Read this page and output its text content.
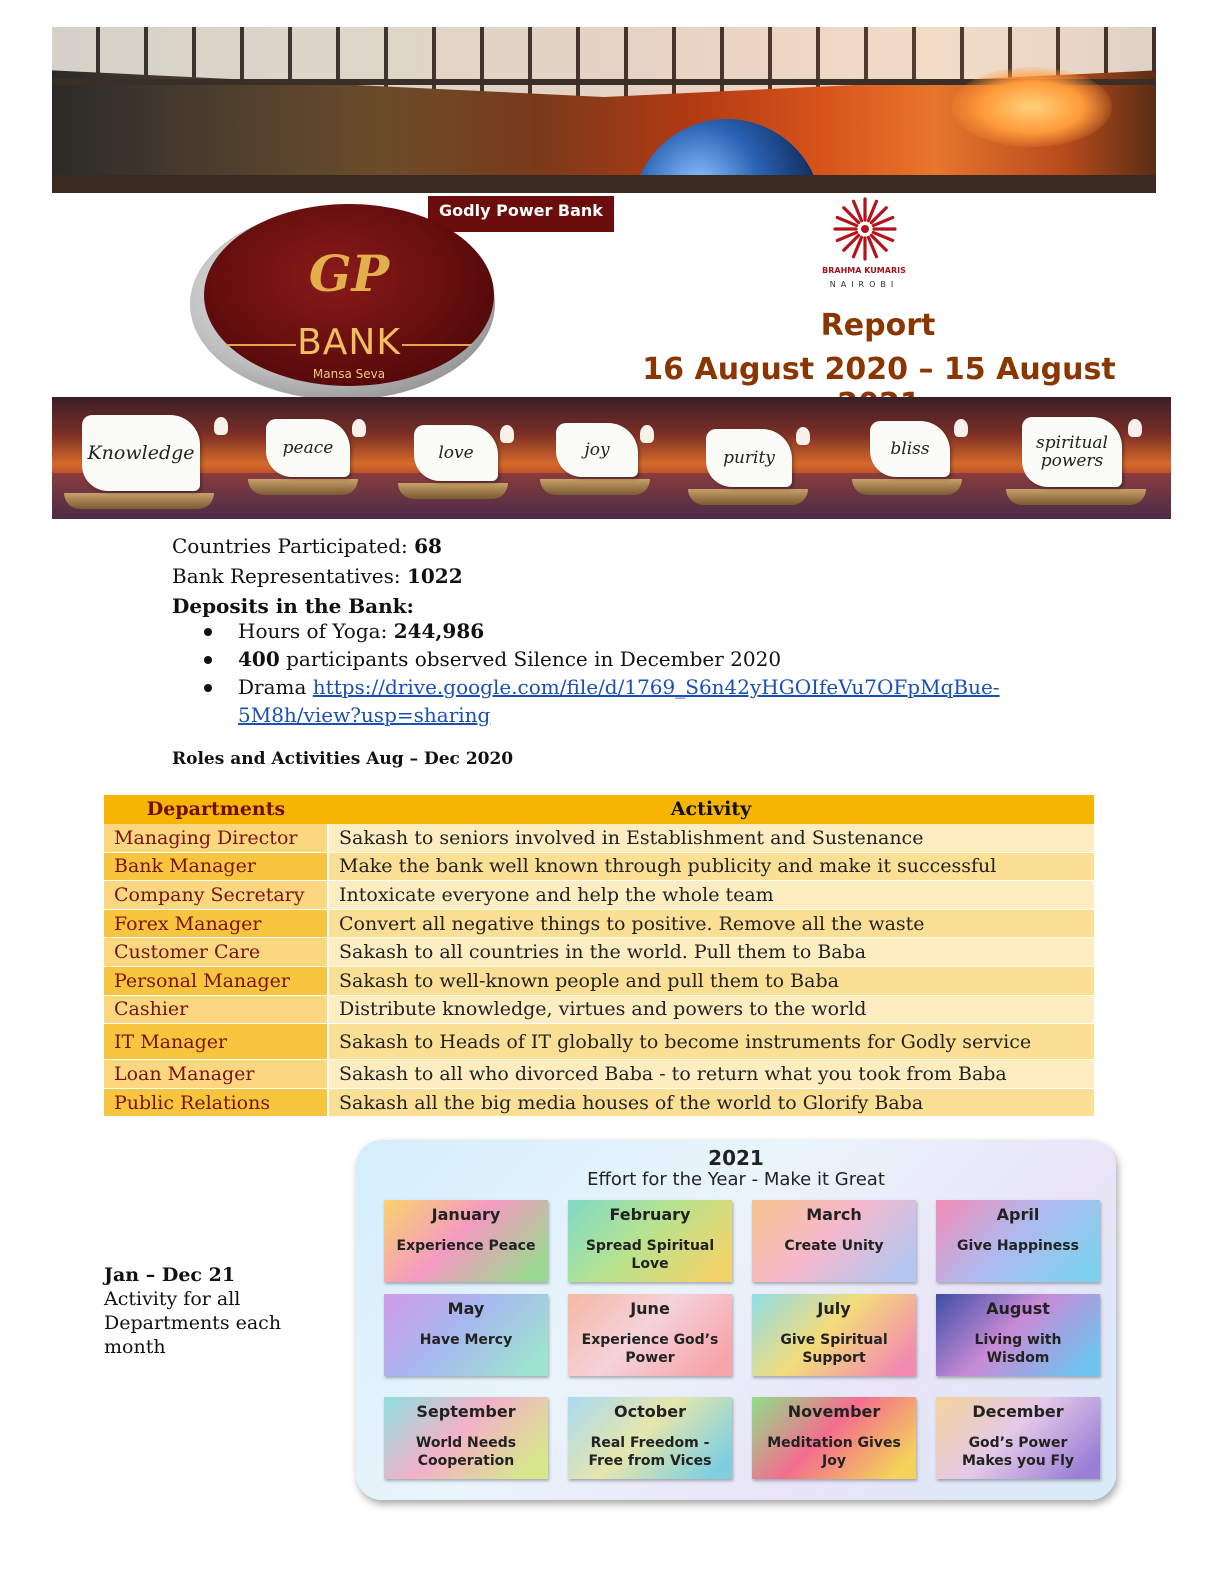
Godly Power Bank
GP
BANK
Mansa Seva
BRAHMA KUMARIS
NAIROBI
Report
16 August 2020 – 15 August
Knowledge	peace	love	joy	purity	bliss	spiritual powers
Countries Participated: 68
Bank Representatives: 1022
Deposits in the Bank:
Hours of Yoga: 244,986
400 participants observed Silence in December 2020
Drama https://drive.google.com/file/d/1769_S6n42yHGOIfeVu7OFpMqBue-
5M8h/view?usp=sharing
Roles and Activities Aug – Dec 2020
Departments	Activity
Managing Director	Sakash to seniors involved in Establishment and Sustenance
Bank Manager	Make the bank well known through publicity and make it successful
Company Secretary	Intoxicate everyone and help the whole team
Forex Manager	Convert all negative things to positive. Remove all the waste
Customer Care	Sakash to all countries in the world. Pull them to Baba
Personal Manager	Sakash to well-known people and pull them to Baba
Cashier	Distribute knowledge, virtues and powers to the world
IT Manager	Sakash to Heads of IT globally to become instruments for Godly service
Loan Manager	Sakash to all who divorced Baba - to return what you took from Baba
Public Relations	Sakash all the big media houses of the world to Glorify Baba
Jan – Dec 21
Activity for all Departments each month
2021
Effort for the Year - Make it Great
January
Experience Peace
February
Spread Spiritual Love
March
Create Unity
April
Give Happiness
May
Have Mercy
June
Experience God’s Power
July
Give Spiritual Support
August
Living with Wisdom
September
World Needs Cooperation
October
Real Freedom - Free from Vices
November
Meditation Gives Joy
December
God’s Power Makes you Fly
